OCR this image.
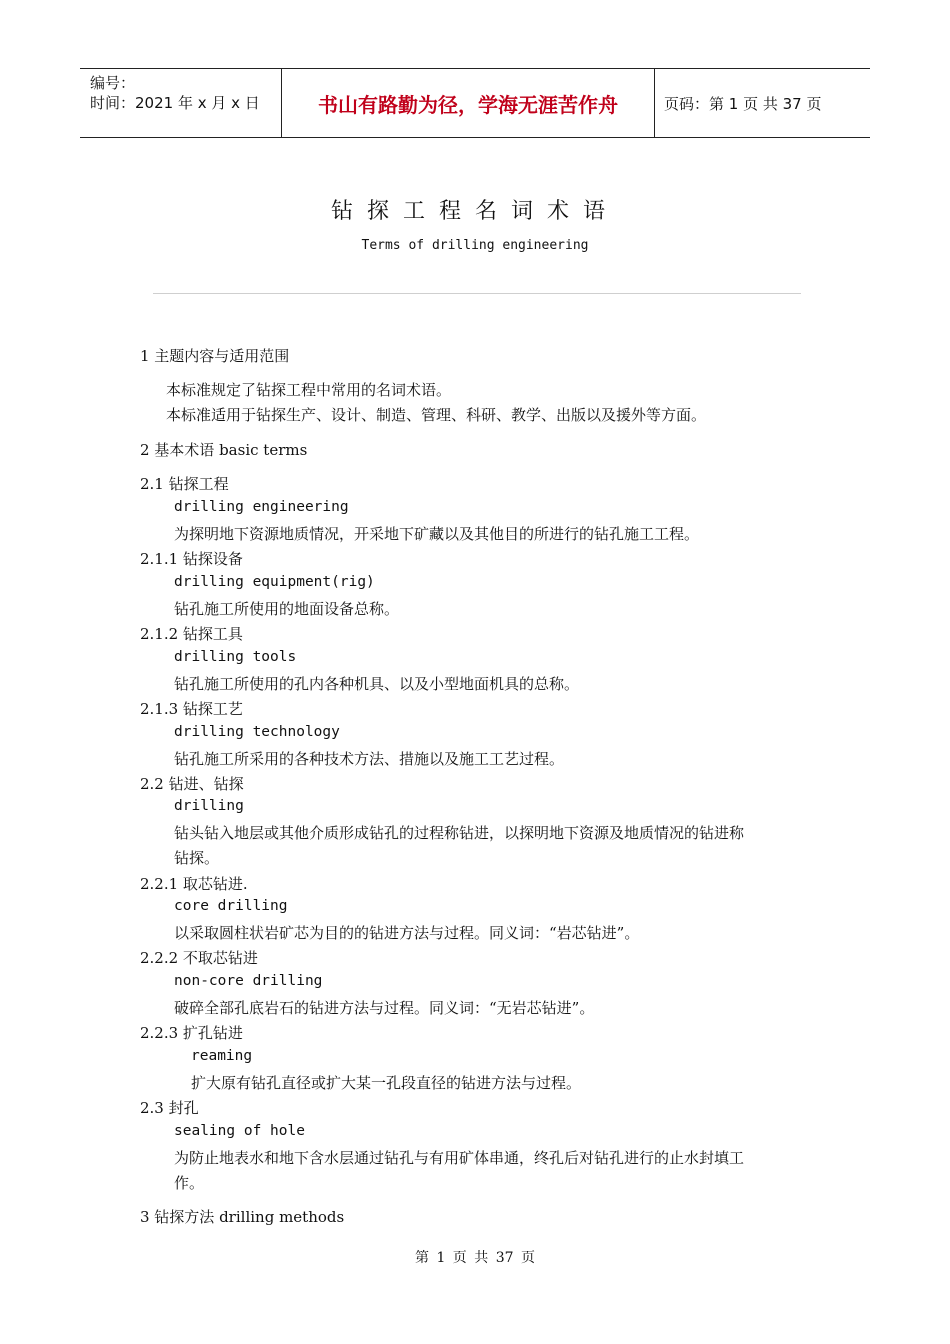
编号：
时间：2021 年 x 月 x 日	书山有路勤为径，学海无涯苦作舟	页码：第 1 页 共 37 页
钻探工程名词术语
Terms of drilling engineering
1 主题内容与适用范围
本标准规定了钻探工程中常用的名词术语。
本标准适用于钻探生产、设计、制造、管理、科研、教学、出版以及援外等方面。
2 基本术语 basic terms
2.1 钻探工程
drilling engineering
为探明地下资源地质情况，开采地下矿藏以及其他目的所进行的钻孔施工工程。
2.1.1 钻探设备
drilling equipment(rig)
钻孔施工所使用的地面设备总称。
2.1.2 钻探工具
drilling tools
钻孔施工所使用的孔内各种机具、以及小型地面机具的总称。
2.1.3 钻探工艺
drilling technology
钻孔施工所采用的各种技术方法、措施以及施工工艺过程。
2.2 钻进、钻探
drilling
钻头钻入地层或其他介质形成钻孔的过程称钻进，以探明地下资源及地质情况的钻进称
钻探。
2.2.1 取芯钻进.
core drilling
以采取圆柱状岩矿芯为目的的钻进方法与过程。同义词：“岩芯钻进”。
2.2.2 不取芯钻进
non-core drilling
破碎全部孔底岩石的钻进方法与过程。同义词：“无岩芯钻进”。
2.2.3 扩孔钻进
reaming
扩大原有钻孔直径或扩大某一孔段直径的钻进方法与过程。
2.3 封孔
sealing of hole
为防止地表水和地下含水层通过钻孔与有用矿体串通，终孔后对钻孔进行的止水封填工
作。
3 钻探方法 drilling methods
第 1 页 共 37 页
